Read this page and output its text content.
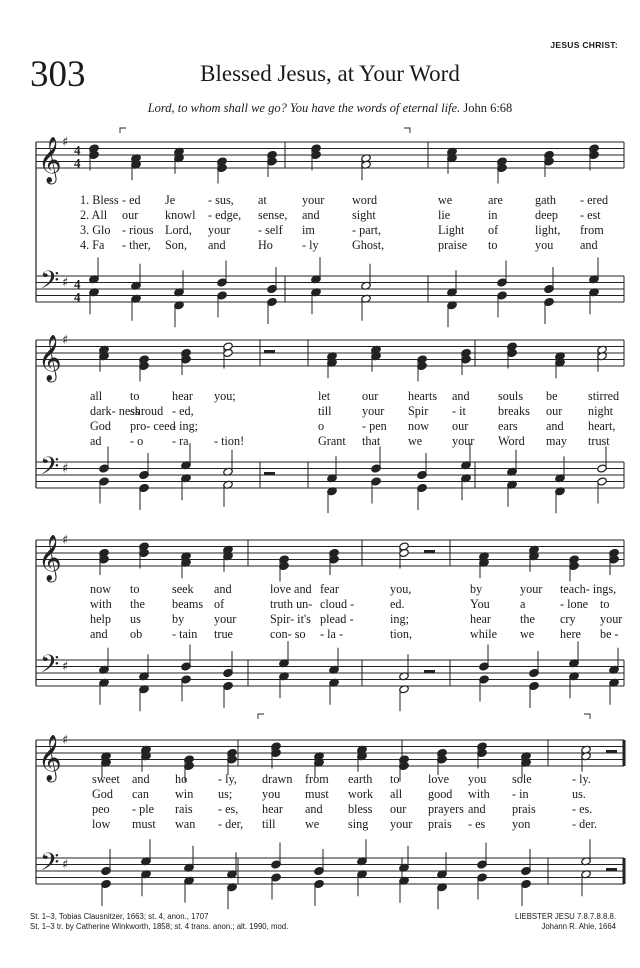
JESUS CHRIST:
303	Blessed Jesus, at Your Word
Lord, to whom shall we go? You have the words of eternal life. John 6:68
𝄞
𝄢
♯
♯
4
4
4
4
1. Bless - ed Je	- sus, at	your word	we	are	gath - ered
2. All our knowl - edge, sense, and	sight	lie	in	deep - est
3. Glo - rious Lord, your - self im	- part,	Light of	light, from
4. Fa - ther, Son, and	Ho - ly	Ghost,	praise to	you and
𝄞
𝄢
♯
♯
all to	hear you;	let	our hearts and souls be stirred
dark- ness
shroud - ed,	till your Spir - it	breaks our night
God pro- ceed
- ing;	o	- pen now our ears and heart,
ad - o - ra - tion!	Grant that we your Word may trust
𝄞
𝄢
♯
♯
now to	seek and	love and fear	you,	by	your teach- ings,
with the beams of	truth un- cloud -	ed.	You a	- lone to
help us	by your	Spir- it's plead -	ing;	hear the cry your
and ob - tain true	con- so - la -	tion,	while we here be -
𝄞
𝄢
♯
♯
sweet and ho	- ly, drawn from earth to love you sole	- ly.
God can win us; you must work all good with - in	us.
peo - ple rais - es, hear and bless our prayers and prais	- es.
low must wan - der, till we sing your prais - es yon	- der.
St. 1–3, Tobias Clausnitzer, 1663; st. 4, anon., 1707
St. 1–3 tr. by Catherine Winkworth, 1858; st. 4 trans. anon.; alt. 1990, mod.
LIEBSTER JESU 7.8.7.8.8.8.
Johann R. Ahle, 1664
